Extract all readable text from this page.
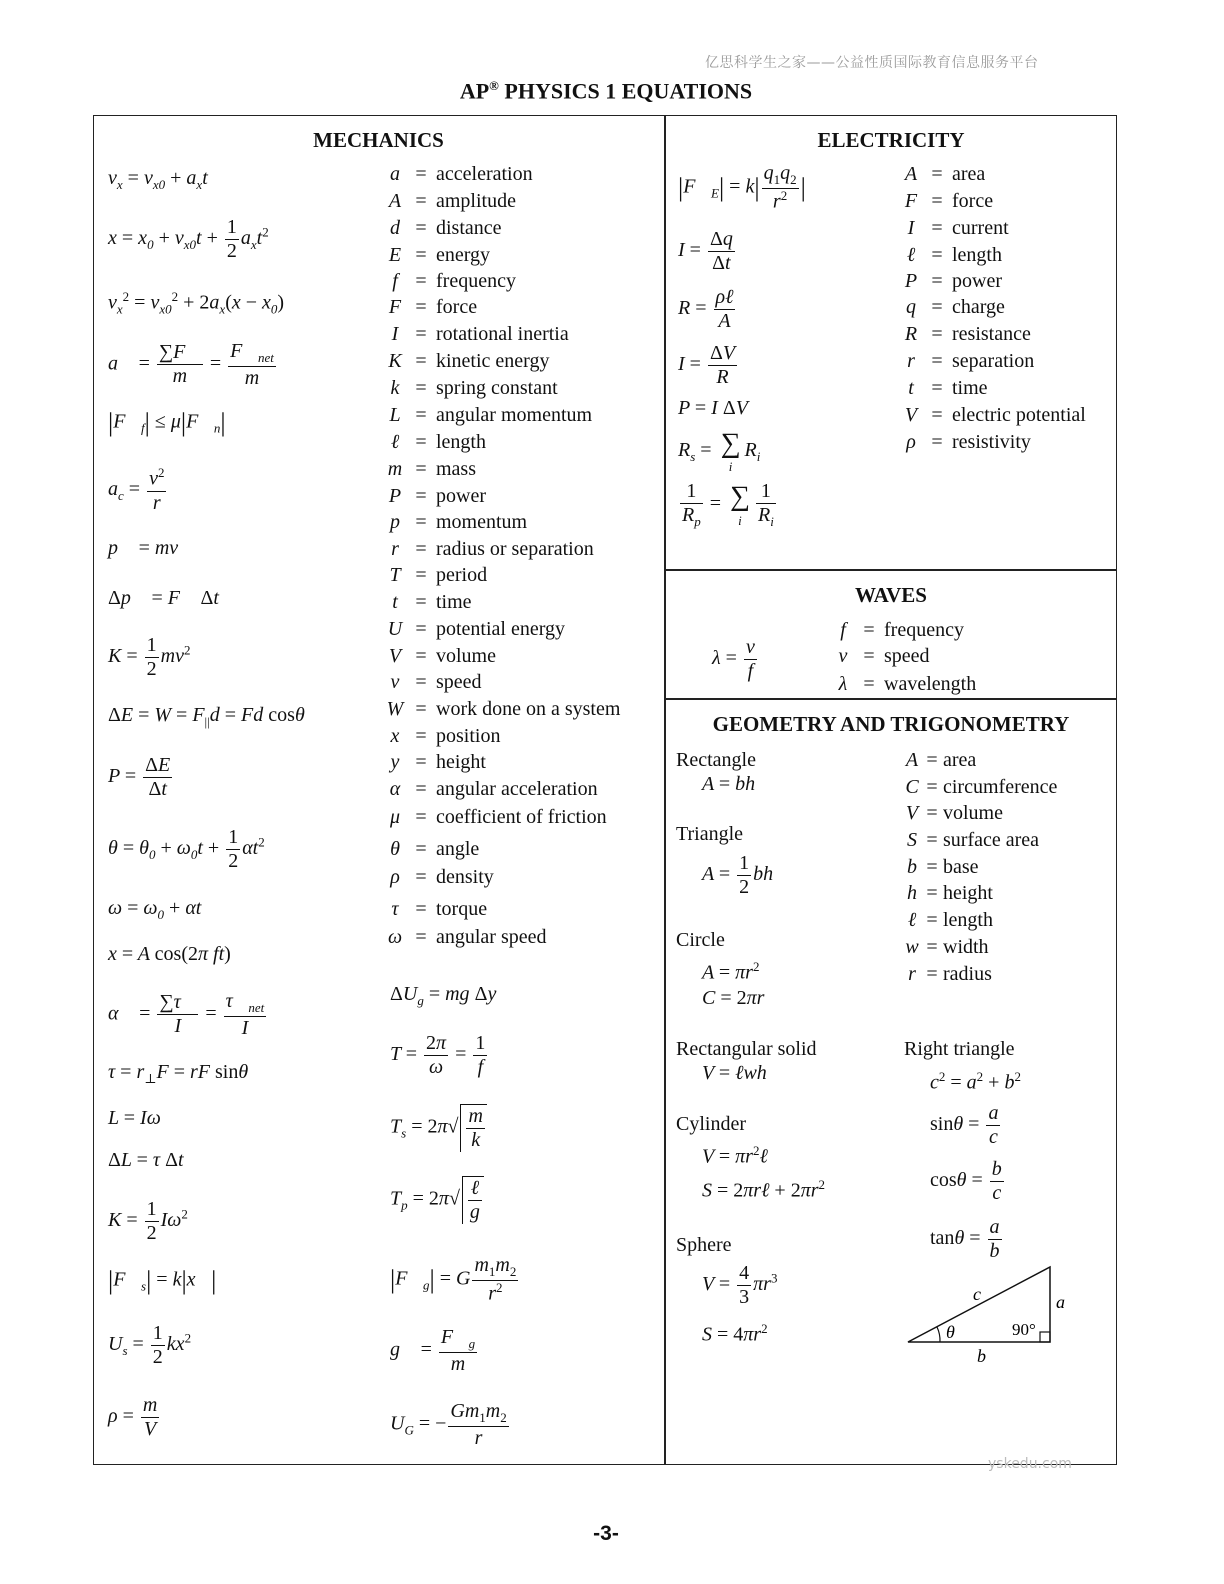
亿思科学生之家——公益性质国际教育信息服务平台
AP® PHYSICS 1 EQUATIONS
MECHANICS	ELECTRICITY
WAVES
GEOMETRY AND TRIGONOMETRY
$v_x = v_{x0} + a_xt$
$x = x_0 + v_{x0}t + \frac{1}{2} a_xt^2$
$v_x^2 = v_{x0}^2 + 2a_x(x - x_0)$
a⃗ = $\frac{\sum F⃗}{m}$ =
$F⃗_{net}$
m
$|F⃗_f|$ ≤ $\mu|F⃗_n|$
$a_c = \frac{v^2}{r}$
p⃗ = mv⃗
Δp⃗ = F⃗ Δt
$K = \frac{1}{2} mv^2$
$\Delta E = W = F_{||}d = Fd$ cosθ
$P = \frac{\Delta E}{\Delta t}$
$\theta = \theta_0 + \omega_0t + \frac{1}{2} \alpha t^2$
$\omega = \omega_0 + \alpha t$
x = A cos(2π ft)
α⃗ = $\frac{\sum\tau⃗}{I}$ =
$\tau⃗_{net}$
I
$\tau = r_\perp F$ = rF sinθ
L = Iω
ΔL = τ Δt
$K = \frac{1}{2} I\omega^2$
$|F⃗_s|$ = k|x⃗|
$U_s = \frac{1}{2} kx^2$
$\rho = \frac{m}{V}$
a = acceleration
A = amplitude
d = distance
E = energy
f = frequency
F = force
I = rotational inertia
K = kinetic energy
k = spring constant
L = angular momentum
ℓ = length
m = mass
P = power
p = momentum
r = radius or separation
T = period
t = time
U = potential energy
V = volume
v = speed
W = work done on a system
x = position
y = height
α = angular acceleration
μ = coefficient of friction
θ = angle
ρ = density
τ = torque
ω = angular speed
$\Delta U_g$ = mg Δy
$T = \frac{2\pi}{\omega} = \frac{1}{f}$
$T_s = 2\pi√ \frac{m}{k}$
$T_p = 2\pi√$ ℓ
g
$|F⃗_g| = G \frac{m_1m_2}{r^2}$
g⃗ = $\frac{F⃗_g}{m}$
$U_G$ = − $\frac{Gm_1m_2}{r}$
$|F⃗_E| = k| \frac{q_1q_2}{r^2}$ |
$I = \frac{\Delta q}{\Delta t}$
R =
ρℓ
A
$I = \frac{\Delta V}{R}$
P = I ΔV
$R_s$ = ∑
i
$R_i$
$\frac{1}{R_p}$ = ∑
i $\frac{1}{R_i}$
A = area
F = force
I = current
ℓ = length
P = power
q = charge
R = resistance
r = separation
t = time
V = electric potential
ρ = resistivity
$\lambda = \frac{v}{f}$
f = frequency
v = speed
λ = wavelength
Rectangle
A = bh
Triangle
$A = \frac{1}{2}$ bh
Circle
$A = \pi r^2$
C = 2πr
Rectangular solid
V = ℓwh
Cylinder
$V = \pi r^2\ell$
S = 2πrℓ + $2\pi r^2$
Sphere
$V = \frac{4}{3} \pi r^3$
$S = 4\pi r^2$
A = area
C = circumference
V = volume
S = surface area
b = base
h = height
ℓ = length
w = width
r = radius
Right triangle
$c^2 = a^2 + b^2$
$\sin\theta = \frac{a}{c}$
$\cos\theta = \frac{b}{c}$
$\tan\theta = \frac{a}{b}$
c	a
b
θ	90°
yskedu.com
-3-
